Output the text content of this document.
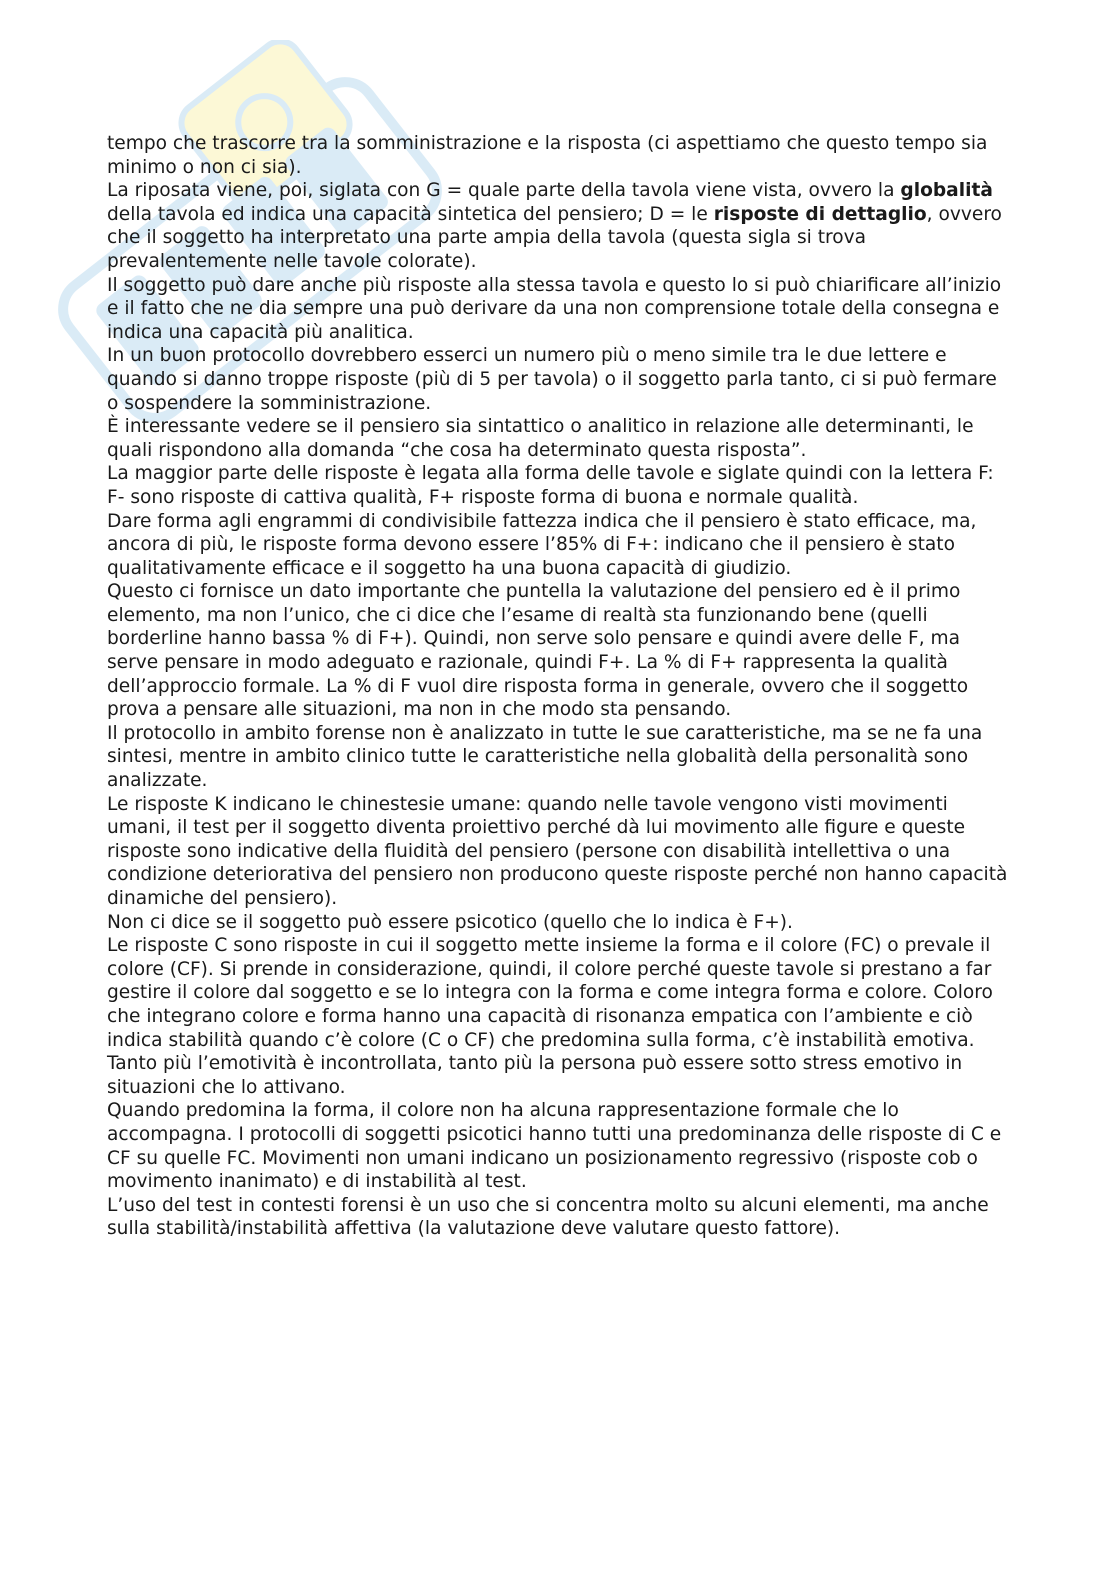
tempo che trascorre tra la somministrazione e la risposta (ci aspettiamo che questo tempo sia minimo o non ci sia).

La riposata viene, poi, siglata con G = quale parte della tavola viene vista, ovvero la globalità della tavola ed indica una capacità sintetica del pensiero; D = le risposte di dettaglio, ovvero che il soggetto ha interpretato una parte ampia della tavola (questa sigla si trova prevalentemente nelle tavole colorate).

Il soggetto può dare anche più risposte alla stessa tavola e questo lo si può chiarificare all’inizio e il fatto che ne dia sempre una può derivare da una non comprensione totale della consegna e indica una capacità più analitica.

In un buon protocollo dovrebbero esserci un numero più o meno simile tra le due lettere e quando si danno troppe risposte (più di 5 per tavola) o il soggetto parla tanto, ci si può fermare o sospendere la somministrazione.

È interessante vedere se il pensiero sia sintattico o analitico in relazione alle determinanti, le quali rispondono alla domanda “che cosa ha determinato questa risposta”.

La maggior parte delle risposte è legata alla forma delle tavole e siglate quindi con la lettera F: F- sono risposte di cattiva qualità, F+ risposte forma di buona e normale qualità.

Dare forma agli engrammi di condivisibile fattezza indica che il pensiero è stato efficace, ma, ancora di più, le risposte forma devono essere l’85% di F+: indicano che il pensiero è stato qualitativamente efficace e il soggetto ha una buona capacità di giudizio.

Questo ci fornisce un dato importante che puntella la valutazione del pensiero ed è il primo elemento, ma non l’unico, che ci dice che l’esame di realtà sta funzionando bene (quelli borderline hanno bassa % di F+). Quindi, non serve solo pensare e quindi avere delle F, ma serve pensare in modo adeguato e razionale, quindi F+. La % di F+ rappresenta la qualità dell’approccio formale. La % di F vuol dire risposta forma in generale, ovvero che il soggetto prova a pensare alle situazioni, ma non in che modo sta pensando.

Il protocollo in ambito forense non è analizzato in tutte le sue caratteristiche, ma se ne fa una sintesi, mentre in ambito clinico tutte le caratteristiche nella globalità della personalità sono analizzate.

Le risposte K indicano le chinestesie umane: quando nelle tavole vengono visti movimenti umani, il test per il soggetto diventa proiettivo perché dà lui movimento alle figure e queste risposte sono indicative della fluidità del pensiero (persone con disabilità intellettiva o una condizione deteriorativa del pensiero non producono queste risposte perché non hanno capacità dinamiche del pensiero).

Non ci dice se il soggetto può essere psicotico (quello che lo indica è F+).

Le risposte C sono risposte in cui il soggetto mette insieme la forma e il colore (FC) o prevale il colore (CF). Si prende in considerazione, quindi, il colore perché queste tavole si prestano a far gestire il colore dal soggetto e se lo integra con la forma e come integra forma e colore. Coloro che integrano colore e forma hanno una capacità di risonanza empatica con l’ambiente e ciò indica stabilità quando c’è colore (C o CF) che predomina sulla forma, c’è instabilità emotiva.

Tanto più l’emotività è incontrollata, tanto più la persona può essere sotto stress emotivo in situazioni che lo attivano.

Quando predomina la forma, il colore non ha alcuna rappresentazione formale che lo accompagna. I protocolli di soggetti psicotici hanno tutti una predominanza delle risposte di C e CF su quelle FC. Movimenti non umani indicano un posizionamento regressivo (risposte cob o movimento inanimato) e di instabilità al test.

L’uso del test in contesti forensi è un uso che si concentra molto su alcuni elementi, ma anche sulla stabilità/instabilità affettiva (la valutazione deve valutare questo fattore).
